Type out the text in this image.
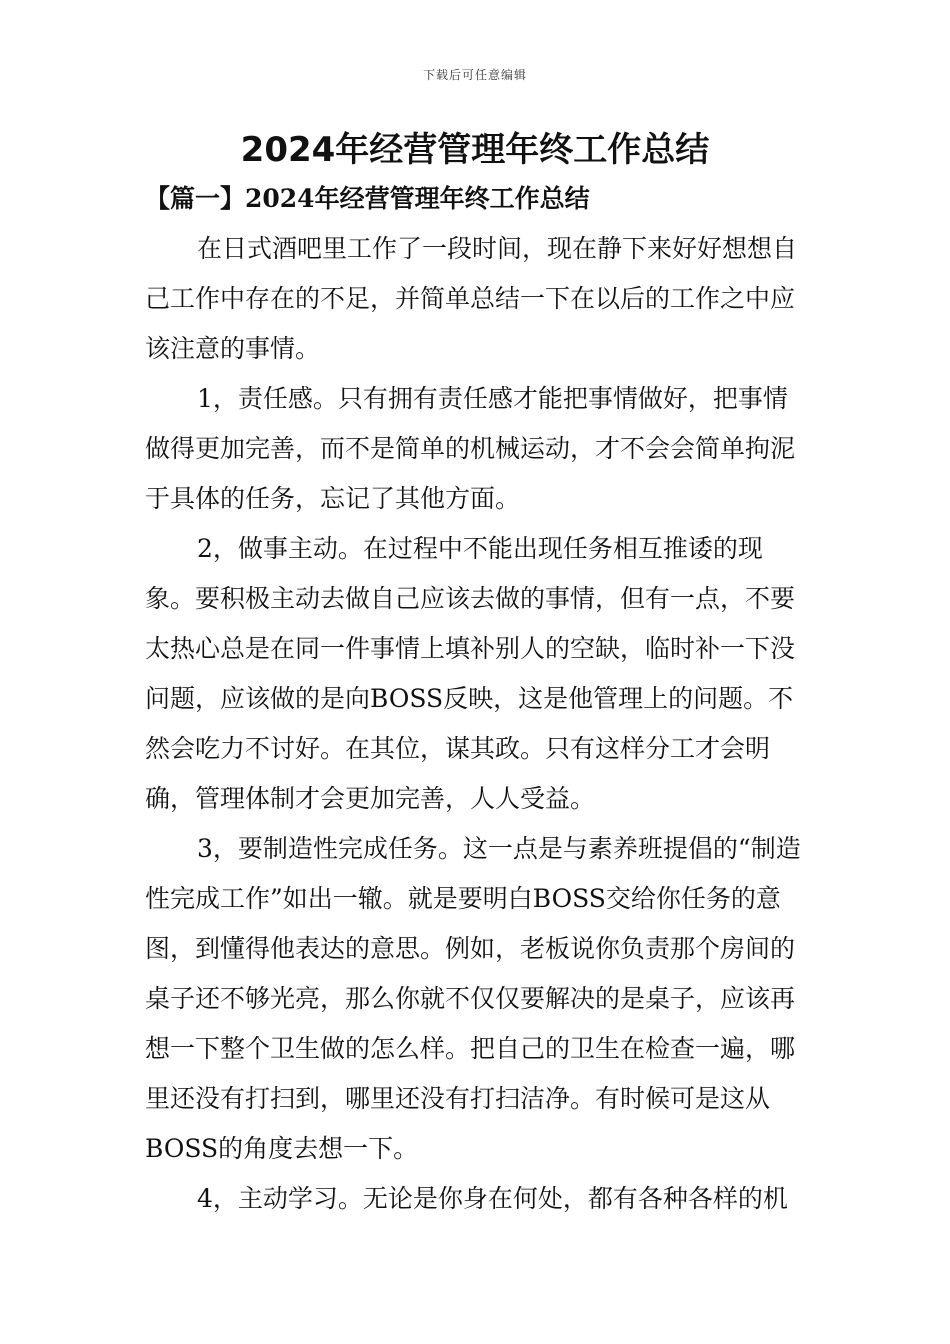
下载后可任意编辑
2024年经营管理年终工作总结
【篇一】2024年经营管理年终工作总结

在日式酒吧里工作了一段时间，现在静下来好好想想自己工作中存在的不足，并简单总结一下在以后的工作之中应该注意的事情。

1，责任感。只有拥有责任感才能把事情做好，把事情做得更加完善，而不是简单的机械运动，才不会会简单拘泥于具体的任务，忘记了其他方面。

2，做事主动。在过程中不能出现任务相互推诿的现象。要积极主动去做自己应该去做的事情，但有一点，不要太热心总是在同一件事情上填补别人的空缺，临时补一下没问题，应该做的是向BOSS反映，这是他管理上的问题。不然会吃力不讨好。在其位，谋其政。只有这样分工才会明确，管理体制才会更加完善，人人受益。

3，要制造性完成任务。这一点是与素养班提倡的“制造性完成工作”如出一辙。就是要明白BOSS交给你任务的意图，到懂得他表达的意思。例如，老板说你负责那个房间的桌子还不够光亮，那么你就不仅仅要解决的是桌子，应该再想一下整个卫生做的怎么样。把自己的卫生在检查一遍，哪里还没有打扫到，哪里还没有打扫洁净。有时候可是这从BOSS的角度去想一下。

4，主动学习。无论是你身在何处，都有各种各样的机
